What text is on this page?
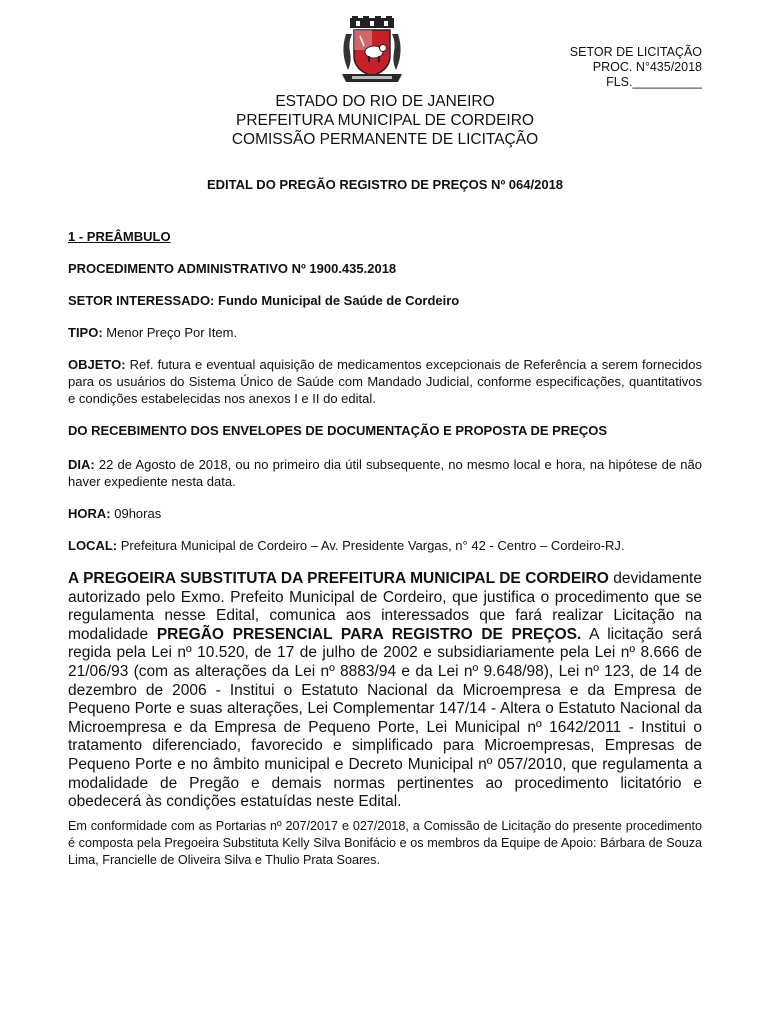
SETOR DE LICITAÇÃO
PROC. N°435/2018
FLS.__________
ESTADO DO RIO DE JANEIRO
PREFEITURA MUNICIPAL DE CORDEIRO
COMISSÃO PERMANENTE DE LICITAÇÃO
EDITAL DO PREGÃO REGISTRO DE PREÇOS Nº 064/2018
1 - PREÂMBULO
PROCEDIMENTO ADMINISTRATIVO Nº 1900.435.2018
SETOR INTERESSADO: Fundo Municipal de Saúde de Cordeiro
TIPO: Menor Preço Por Item.
OBJETO: Ref. futura e eventual aquisição de medicamentos excepcionais de Referência a serem fornecidos para os usuários do Sistema Único de Saúde com Mandado Judicial, conforme especificações, quantitativos e condições estabelecidas nos anexos I e II do edital.
DO RECEBIMENTO DOS ENVELOPES DE DOCUMENTAÇÃO E PROPOSTA DE PREÇOS
DIA: 22 de Agosto de 2018, ou no primeiro dia útil subsequente, no mesmo local e hora, na hipótese de não haver expediente nesta data.
HORA: 09horas
LOCAL: Prefeitura Municipal de Cordeiro – Av. Presidente Vargas, n° 42 - Centro – Cordeiro-RJ.
A PREGOEIRA SUBSTITUTA DA PREFEITURA MUNICIPAL DE CORDEIRO devidamente autorizado pelo Exmo. Prefeito Municipal de Cordeiro, que justifica o procedimento que se regulamenta nesse Edital, comunica aos interessados que fará realizar Licitação na modalidade PREGÃO PRESENCIAL PARA REGISTRO DE PREÇOS. A licitação será regida pela Lei nº 10.520, de 17 de julho de 2002 e subsidiariamente pela Lei nº 8.666 de 21/06/93 (com as alterações da Lei nº 8883/94 e da Lei nº 9.648/98), Lei nº 123, de 14 de dezembro de 2006 - Institui o Estatuto Nacional da Microempresa e da Empresa de Pequeno Porte e suas alterações, Lei Complementar 147/14 - Altera o Estatuto Nacional da Microempresa e da Empresa de Pequeno Porte, Lei Municipal nº 1642/2011 - Institui o tratamento diferenciado, favorecido e simplificado para Microempresas, Empresas de Pequeno Porte e no âmbito municipal e Decreto Municipal nº 057/2010, que regulamenta a modalidade de Pregão e demais normas pertinentes ao procedimento licitatório e obedecerá às condições estatuídas neste Edital.
Em conformidade com as Portarias nº 207/2017 e 027/2018, a Comissão de Licitação do presente procedimento é composta pela Pregoeira Substituta Kelly Silva Bonifácio e os membros da Equipe de Apoio: Bárbara de Souza Lima, Francielle de Oliveira Silva e Thulio Prata Soares.
